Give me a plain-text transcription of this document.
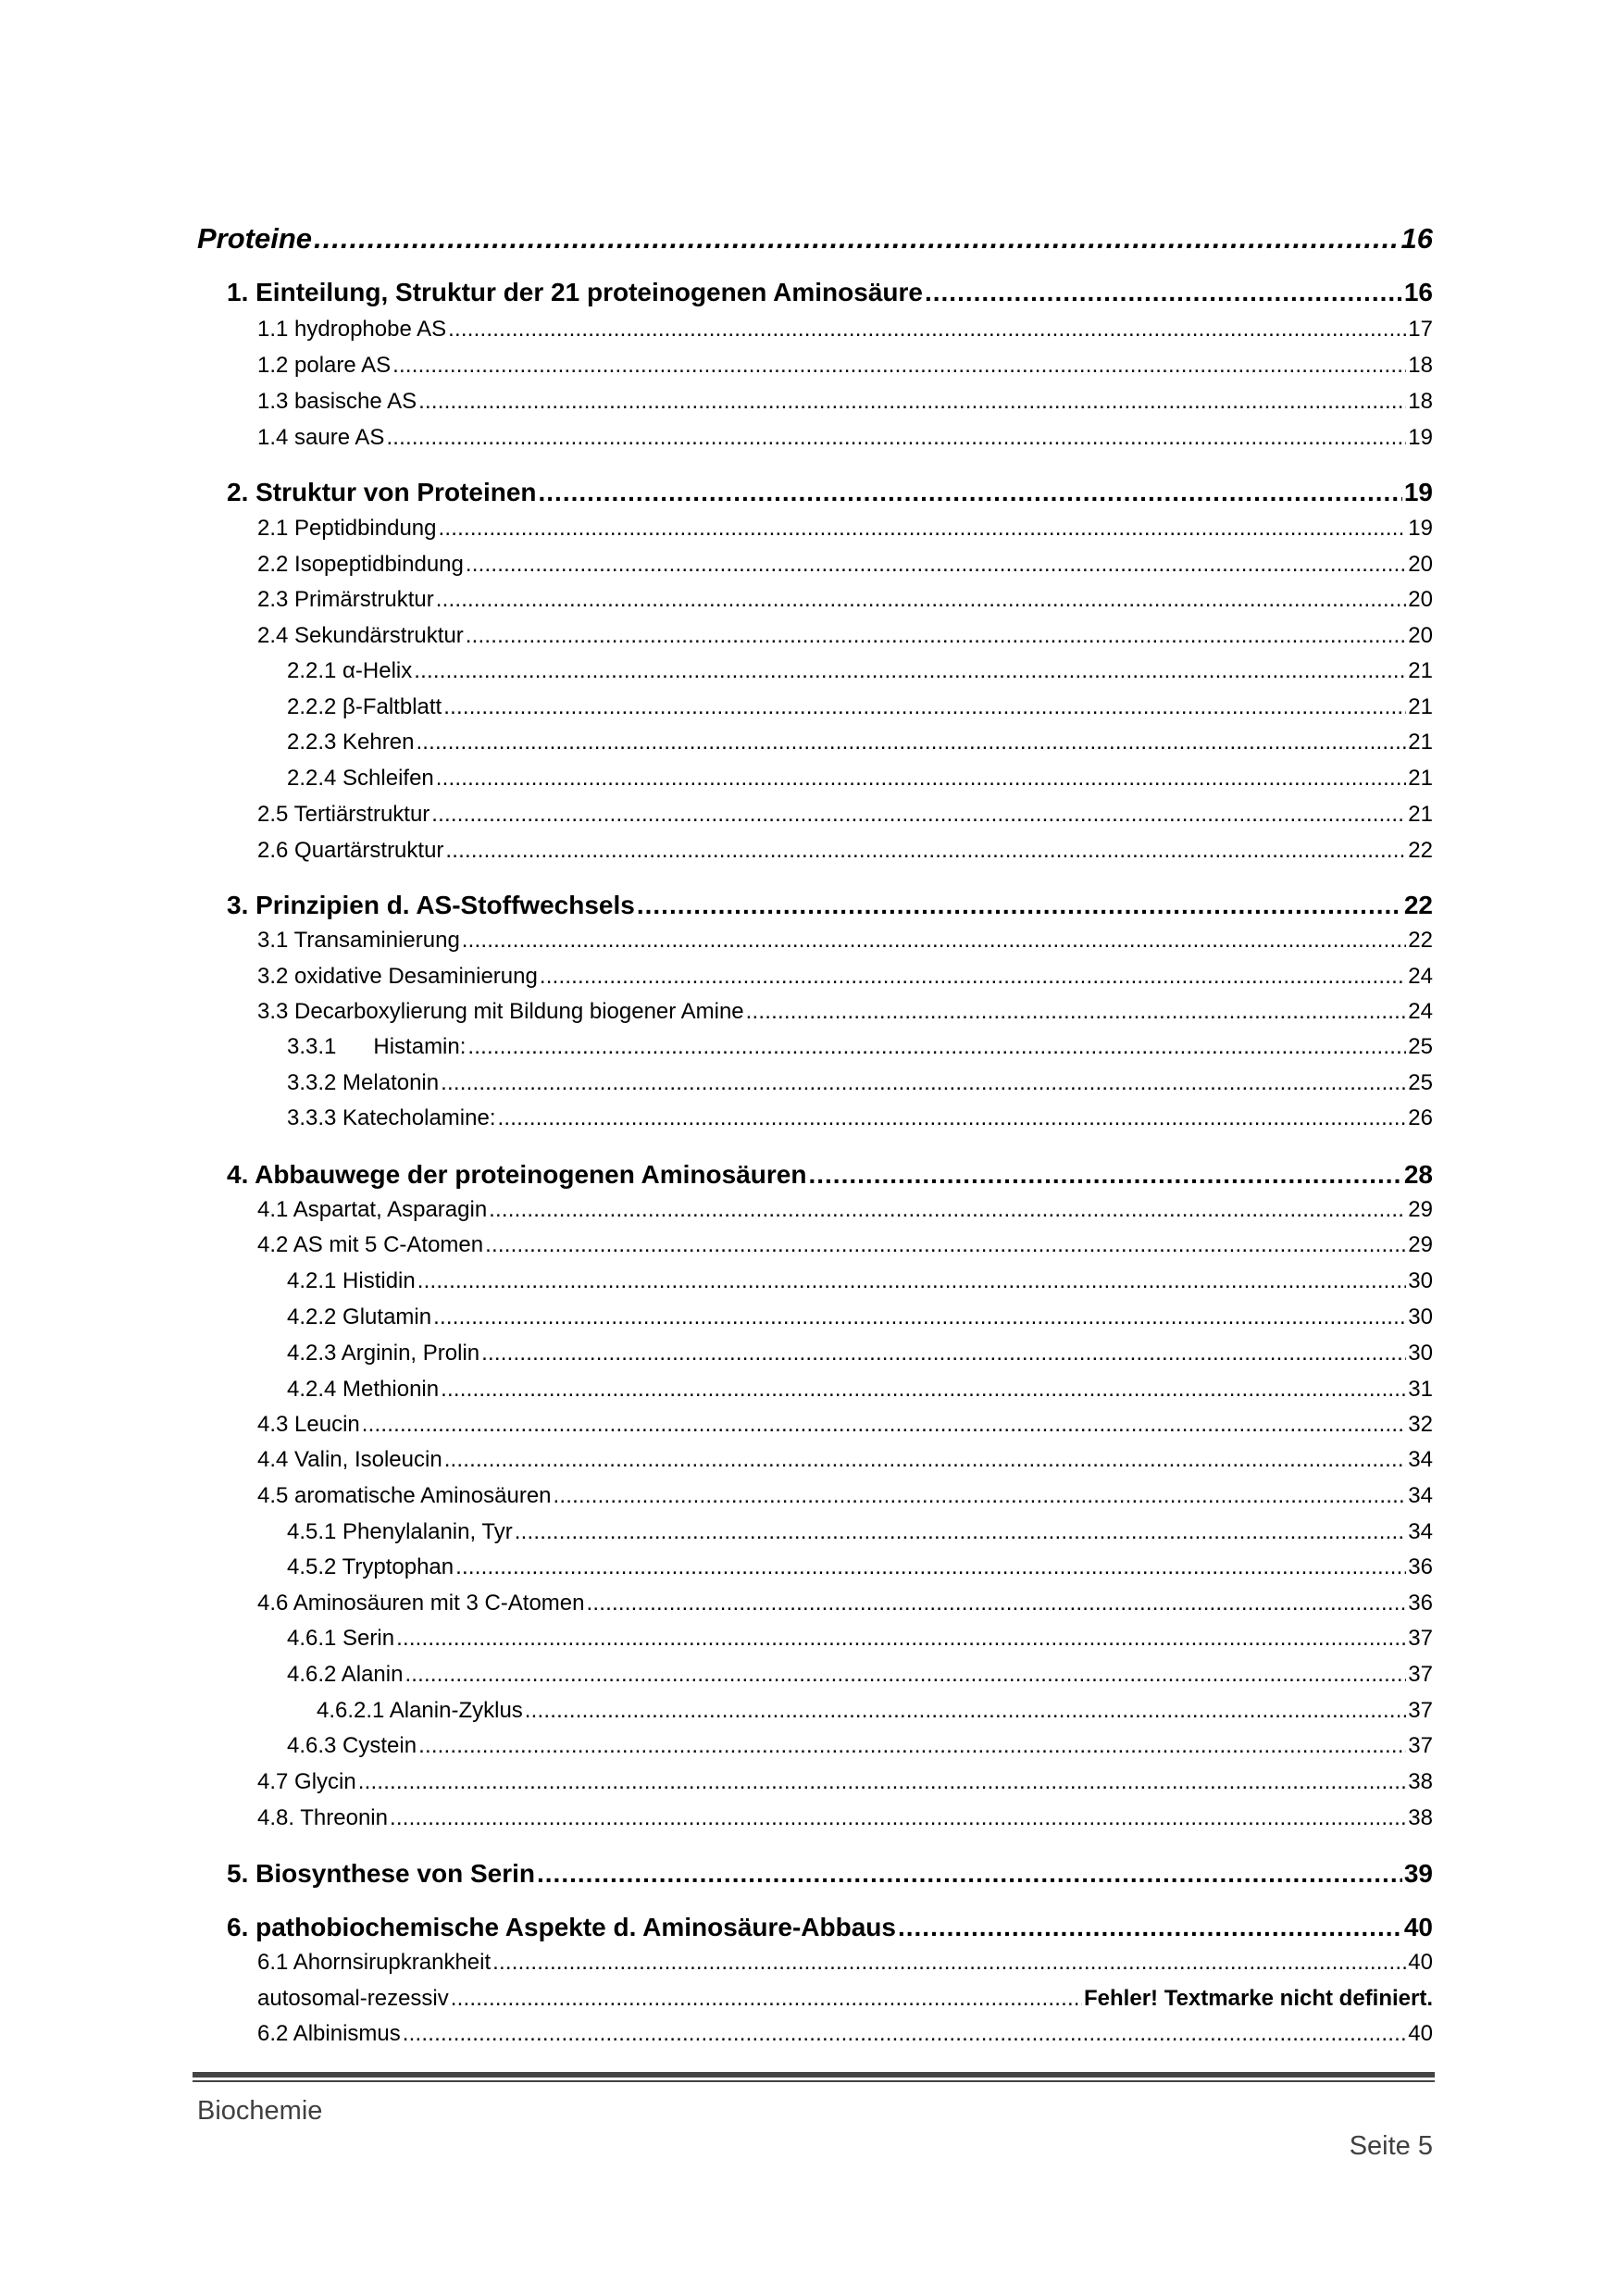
Proteine .....	16
1. Einteilung, Struktur der 21 proteinogenen Aminosäure .....	16
1.1 hydrophobe AS .....	17
1.2 polare AS .....	18
1.3 basische AS .....	18
1.4 saure AS .....	19
2. Struktur von Proteinen .....	19
2.1 Peptidbindung .....	19
2.2 Isopeptidbindung .....	20
2.3 Primärstruktur .....	20
2.4 Sekundärstruktur .....	20
2.2.1 α-Helix .....	21
2.2.2 β-Faltblatt .....	21
2.2.3 Kehren .....	21
2.2.4 Schleifen .....	21
2.5 Tertiärstruktur .....	21
2.6 Quartärstruktur .....	22
3. Prinzipien d. AS-Stoffwechsels .....	22
3.1 Transaminierung .....	22
3.2 oxidative Desaminierung .....	24
3.3 Decarboxylierung mit Bildung biogener Amine .....	24
3.3.1      Histamin: .....	25
3.3.2 Melatonin .....	25
3.3.3 Katecholamine: .....	26
4. Abbauwege der proteinogenen Aminosäuren .....	28
4.1 Aspartat, Asparagin .....	29
4.2 AS mit 5 C-Atomen .....	29
4.2.1 Histidin .....	30
4.2.2 Glutamin .....	30
4.2.3 Arginin, Prolin .....	30
4.2.4 Methionin .....	31
4.3 Leucin .....	32
4.4 Valin, Isoleucin .....	34
4.5 aromatische Aminosäuren .....	34
4.5.1 Phenylalanin, Tyr .....	34
4.5.2 Tryptophan .....	36
4.6 Aminosäuren mit 3 C-Atomen .....	36
4.6.1 Serin .....	37
4.6.2 Alanin .....	37
4.6.2.1 Alanin-Zyklus .....	37
4.6.3 Cystein .....	37
4.7 Glycin .....	38
4.8. Threonin .....	38
5. Biosynthese von Serin .....	39
6. pathobiochemische Aspekte d. Aminosäure-Abbaus .....	40
6.1 Ahornsirupkrankheit .....	40
autosomal-rezessiv .....	Fehler! Textmarke nicht definiert.
6.2 Albinismus .....	40
Biochemie
Seite 5
